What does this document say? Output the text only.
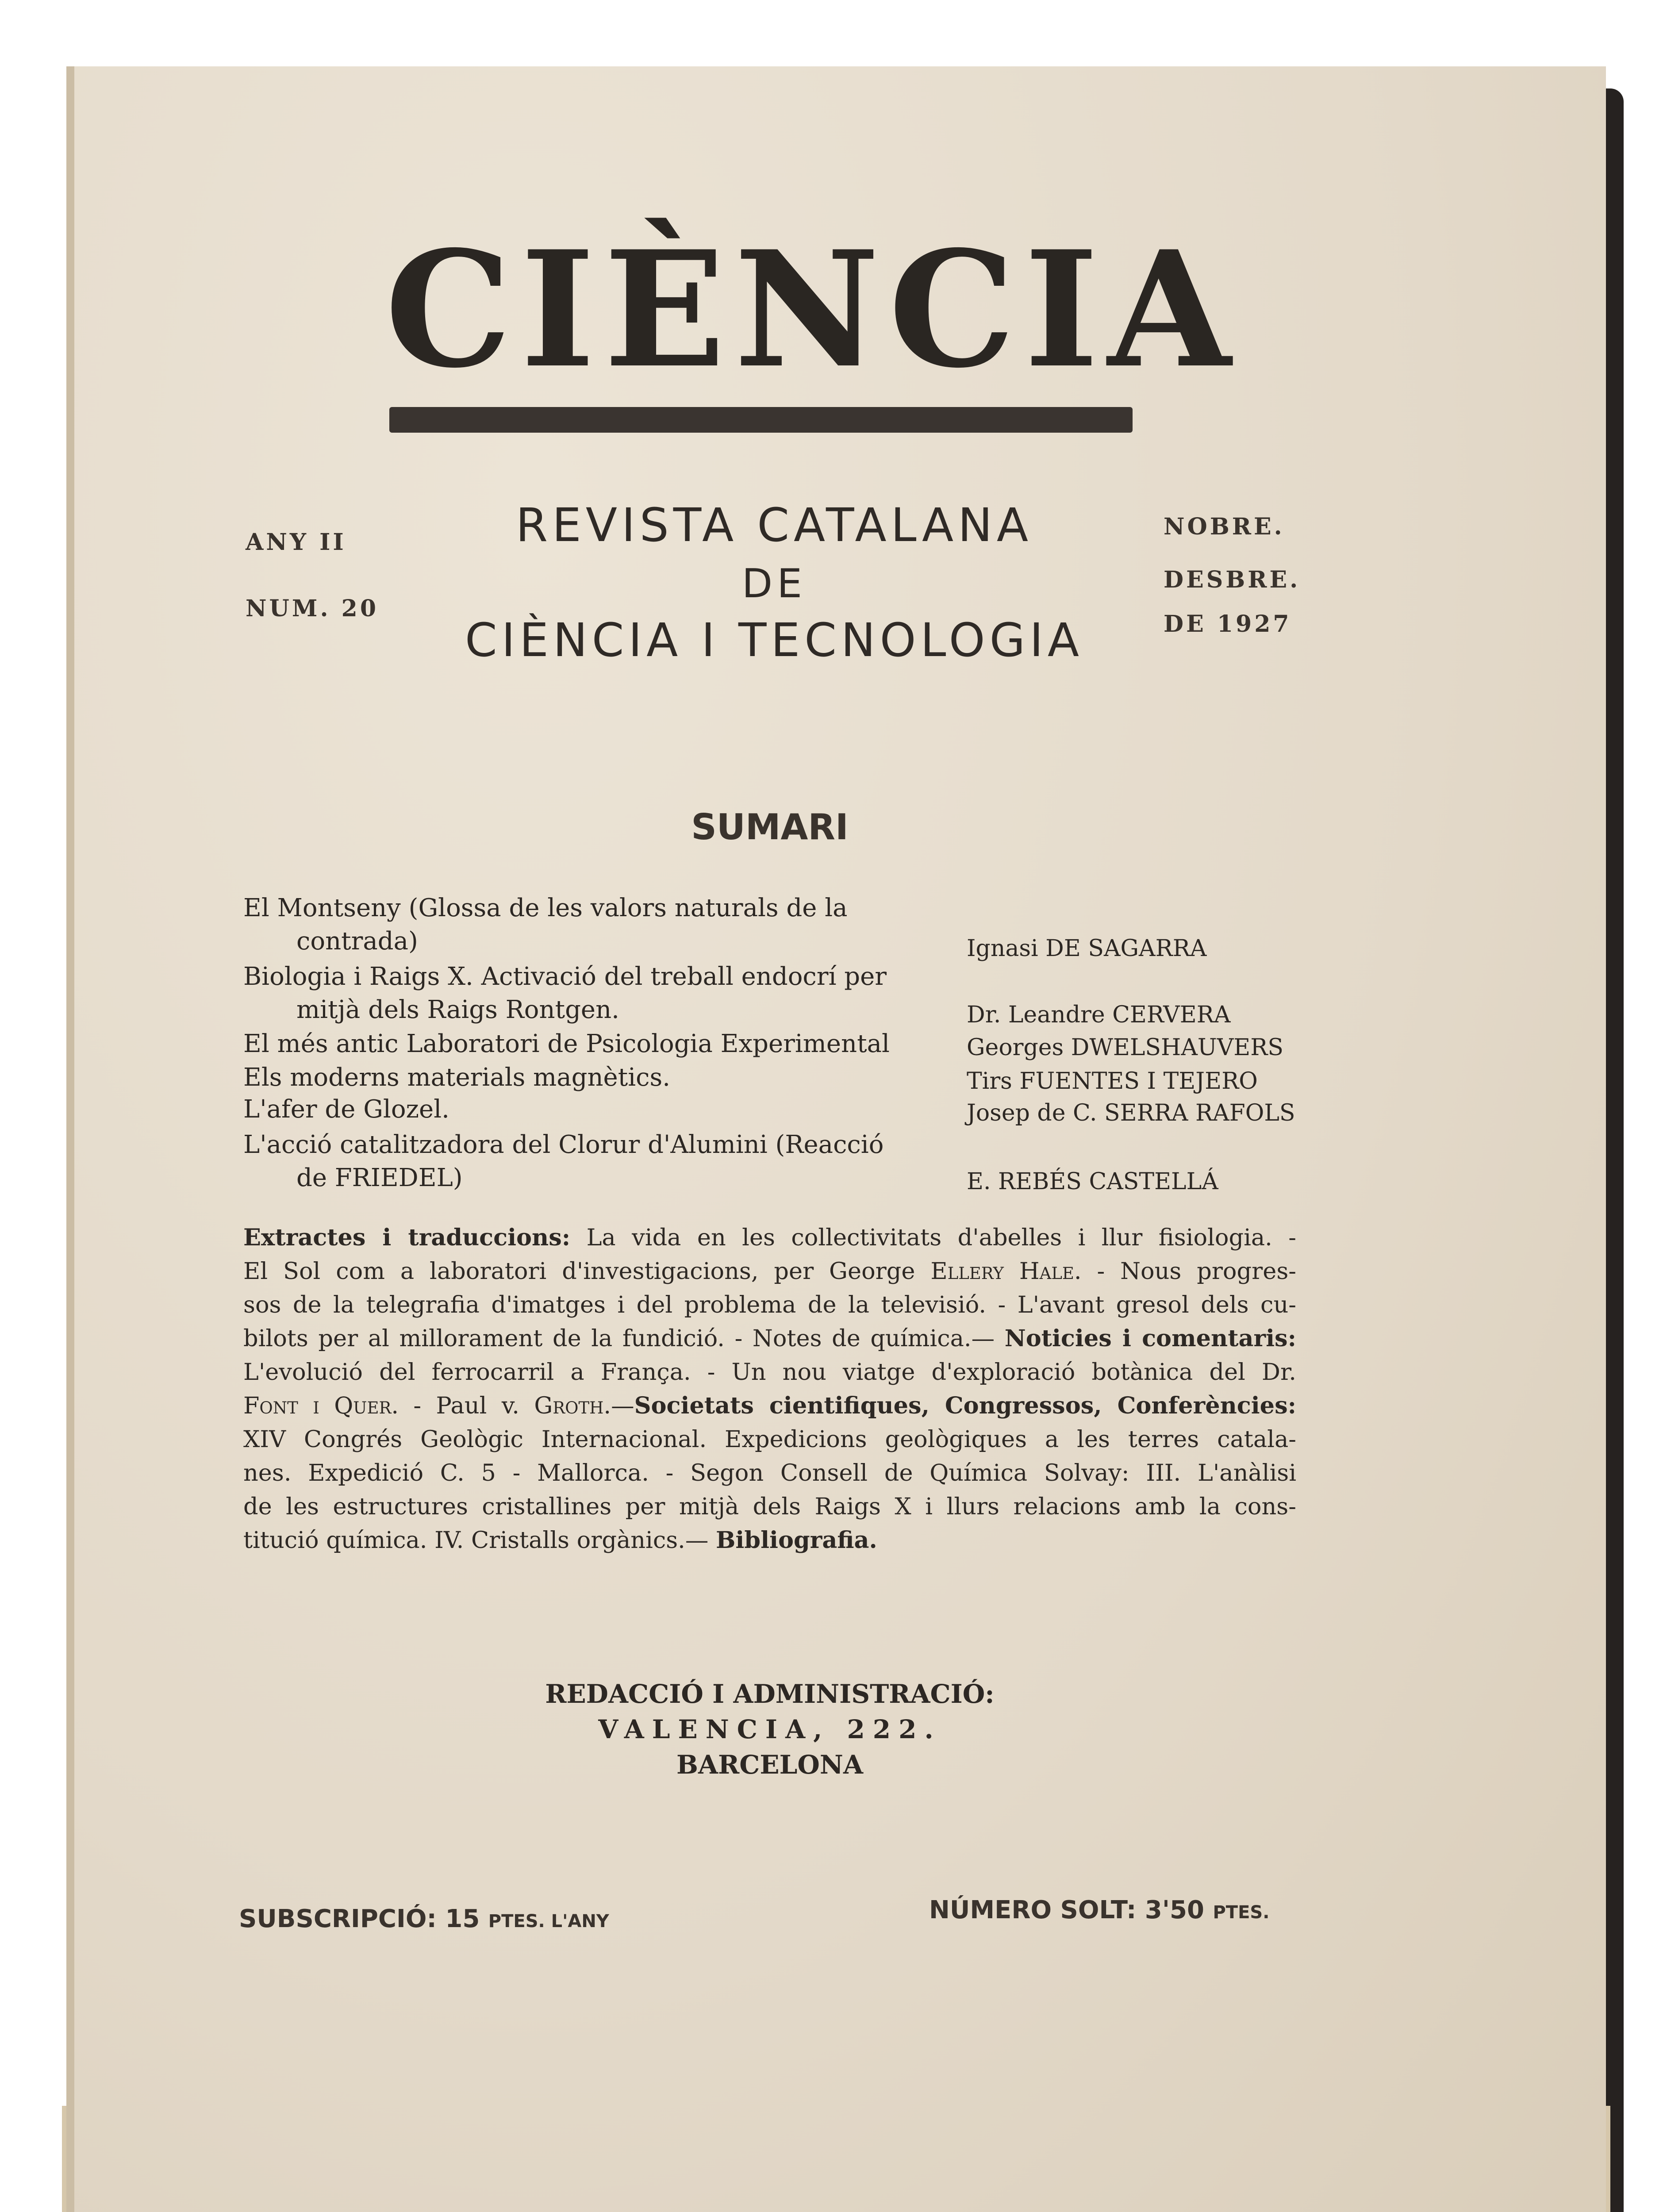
CIÈNCIA
ANY II
NUM. 20
REVISTA CATALANA
DE
CIÈNCIA I TECNOLOGIA
NOBRE.
DESBRE.
DE 1927
SUMARI
El Montseny (Glossa de les valors naturals de la
contrada)	Ignasi DE SAGARRA
Biologia i Raigs X. Activació del treball endocrí per
mitjà dels Raigs Rontgen.	Dr. Leandre CERVERA
El més antic Laboratori de Psicologia Experimental	Georges DWELSHAUVERS
Els moderns materials magnètics.	Tirs FUENTES I TEJERO
L'afer de Glozel.	Josep de C. SERRA RAFOLS
L'acció catalitzadora del Clorur d'Alumini (Reacció
de FRIEDEL)	E. REBÉS CASTELLÁ
Extractes i traduccions: La vida en les collectivitats d'abelles i llur fisiologia. -
El Sol com a laboratori d'investigacions, per George Ellery Hale. - Nous progres-
sos de la telegrafia d'imatges i del problema de la televisió. - L'avant gresol dels cu-
bilots per al millorament de la fundició. - Notes de química.— Noticies i comentaris:
L'evolució del ferrocarril a França. - Un nou viatge d'exploració botànica del Dr.
Font i Quer. - Paul v. Groth.—Societats cientifiques, Congressos, Conferències:
XIV Congrés Geològic Internacional. Expedicions geològiques a les terres catala-
nes. Expedició C. 5 - Mallorca. - Segon Consell de Química Solvay: III. L'anàlisi
de les estructures cristallines per mitjà dels Raigs X i llurs relacions amb la cons-
titució química. IV. Cristalls orgànics.— Bibliografia.
REDACCIÓ I ADMINISTRACIÓ:
VALENCIA, 222.
BARCELONA
SUBSCRIPCIÓ: 15 PTES. L'ANY	NÚMERO SOLT: 3'50 PTES.
